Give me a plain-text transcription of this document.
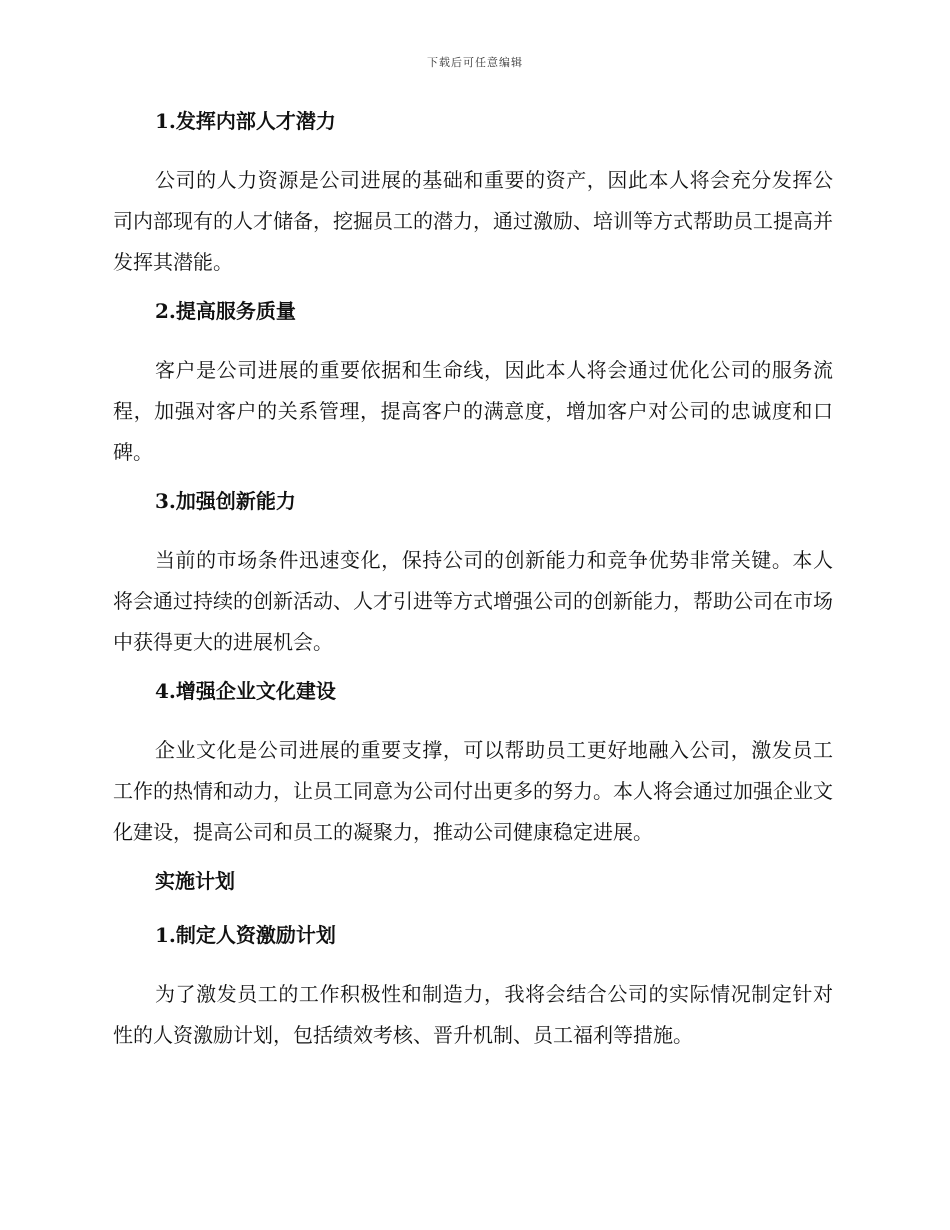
下载后可任意编辑
1.发挥内部人才潜力
公司的人力资源是公司进展的基础和重要的资产，因此本人将会充分发挥公司内部现有的人才储备，挖掘员工的潜力，通过激励、培训等方式帮助员工提高并发挥其潜能。
2.提高服务质量
客户是公司进展的重要依据和生命线，因此本人将会通过优化公司的服务流程，加强对客户的关系管理，提高客户的满意度，增加客户对公司的忠诚度和口碑。
3.加强创新能力
当前的市场条件迅速变化，保持公司的创新能力和竞争优势非常关键。本人将会通过持续的创新活动、人才引进等方式增强公司的创新能力，帮助公司在市场中获得更大的进展机会。
4.增强企业文化建设
企业文化是公司进展的重要支撑，可以帮助员工更好地融入公司，激发员工工作的热情和动力，让员工同意为公司付出更多的努力。本人将会通过加强企业文化建设，提高公司和员工的凝聚力，推动公司健康稳定进展。
实施计划
1.制定人资激励计划
为了激发员工的工作积极性和制造力，我将会结合公司的实际情况制定针对性的人资激励计划，包括绩效考核、晋升机制、员工福利等措施。
